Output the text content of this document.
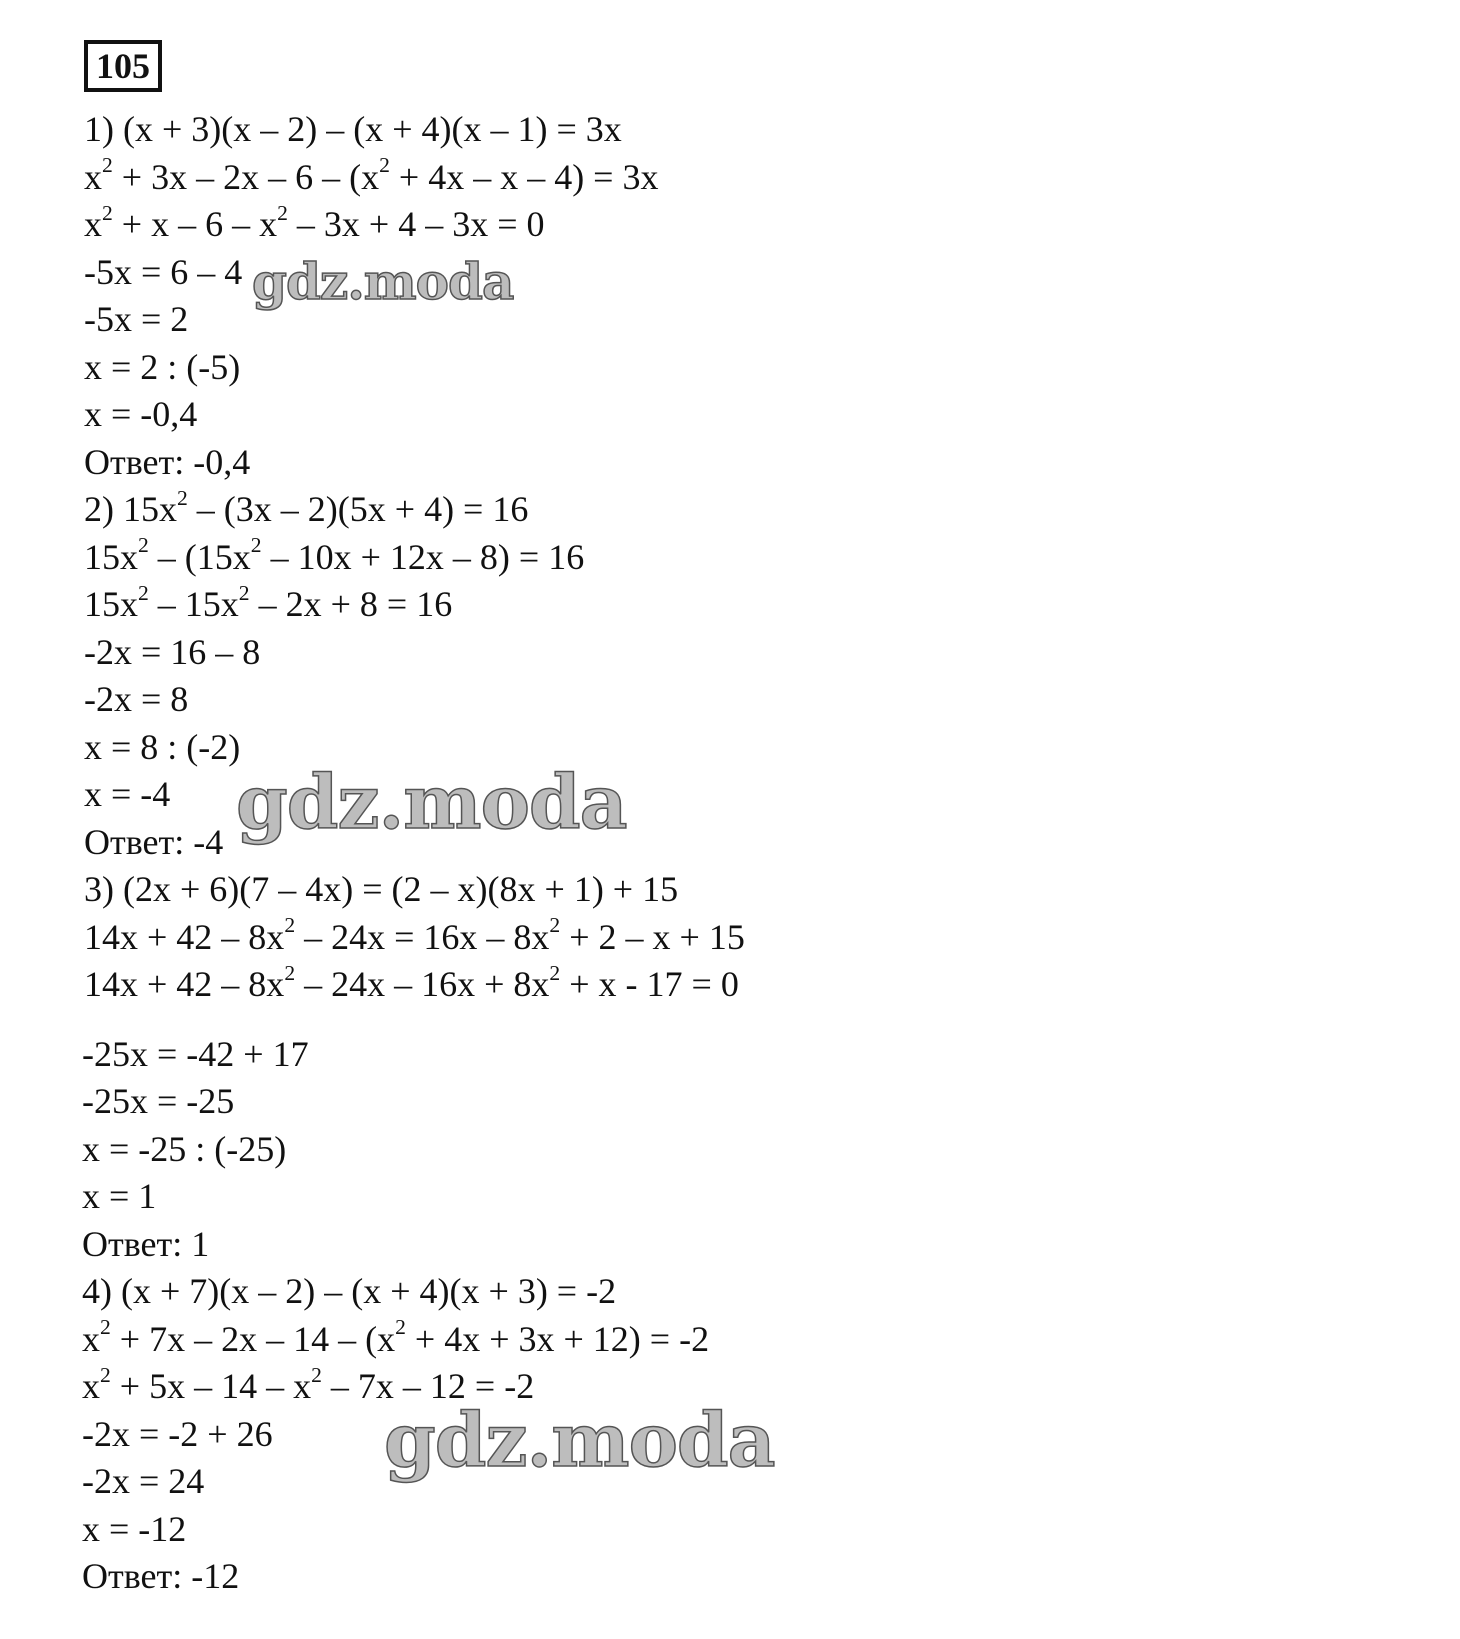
105
1) (x + 3)(x – 2) – (x + 4)(x – 1) = 3x
$x^2 + 3x - 2x - 6 - (x^2 + 4x - x - 4) = 3x$
$x^2 + x - 6 - x^2 - 3x + 4 - 3x = 0$
-5x = 6 – 4
-5x = 2
x = 2 : (-5)
x = -0,4
Ответ: -0,4
2) $15x^2 - (3x - 2)(5x + 4) = 16$
$15x^2 - (15x^2 - 10x + 12x - 8) = 16$
$15x^2 - 15x^2 - 2x + 8 = 16$
-2x = 16 – 8
-2x = 8
x = 8 : (-2)
x = -4
Ответ: -4
3) (2x + 6)(7 – 4x) = (2 – x)(8x + 1) + 15
$14x + 42 - 8x^2 - 24x = 16x - 8x^2 + 2 - x + 15$
$14x + 42 - 8x^2 - 24x - 16x + 8x^2 + x - 17 = 0$
-25x = -42 + 17
-25x = -25
x = -25 : (-25)
x = 1
Ответ: 1
4) (x + 7)(x – 2) – (x + 4)(x + 3) = -2
$x^2 + 7x - 2x - 14 - (x^2 + 4x + 3x + 12) = -2$
$x^2 + 5x - 14 - x^2 - 7x - 12 = -2$
-2x = -2 + 26
-2x = 24
x = -12
Ответ: -12
gdz.moda
gdz.moda
gdz.moda
